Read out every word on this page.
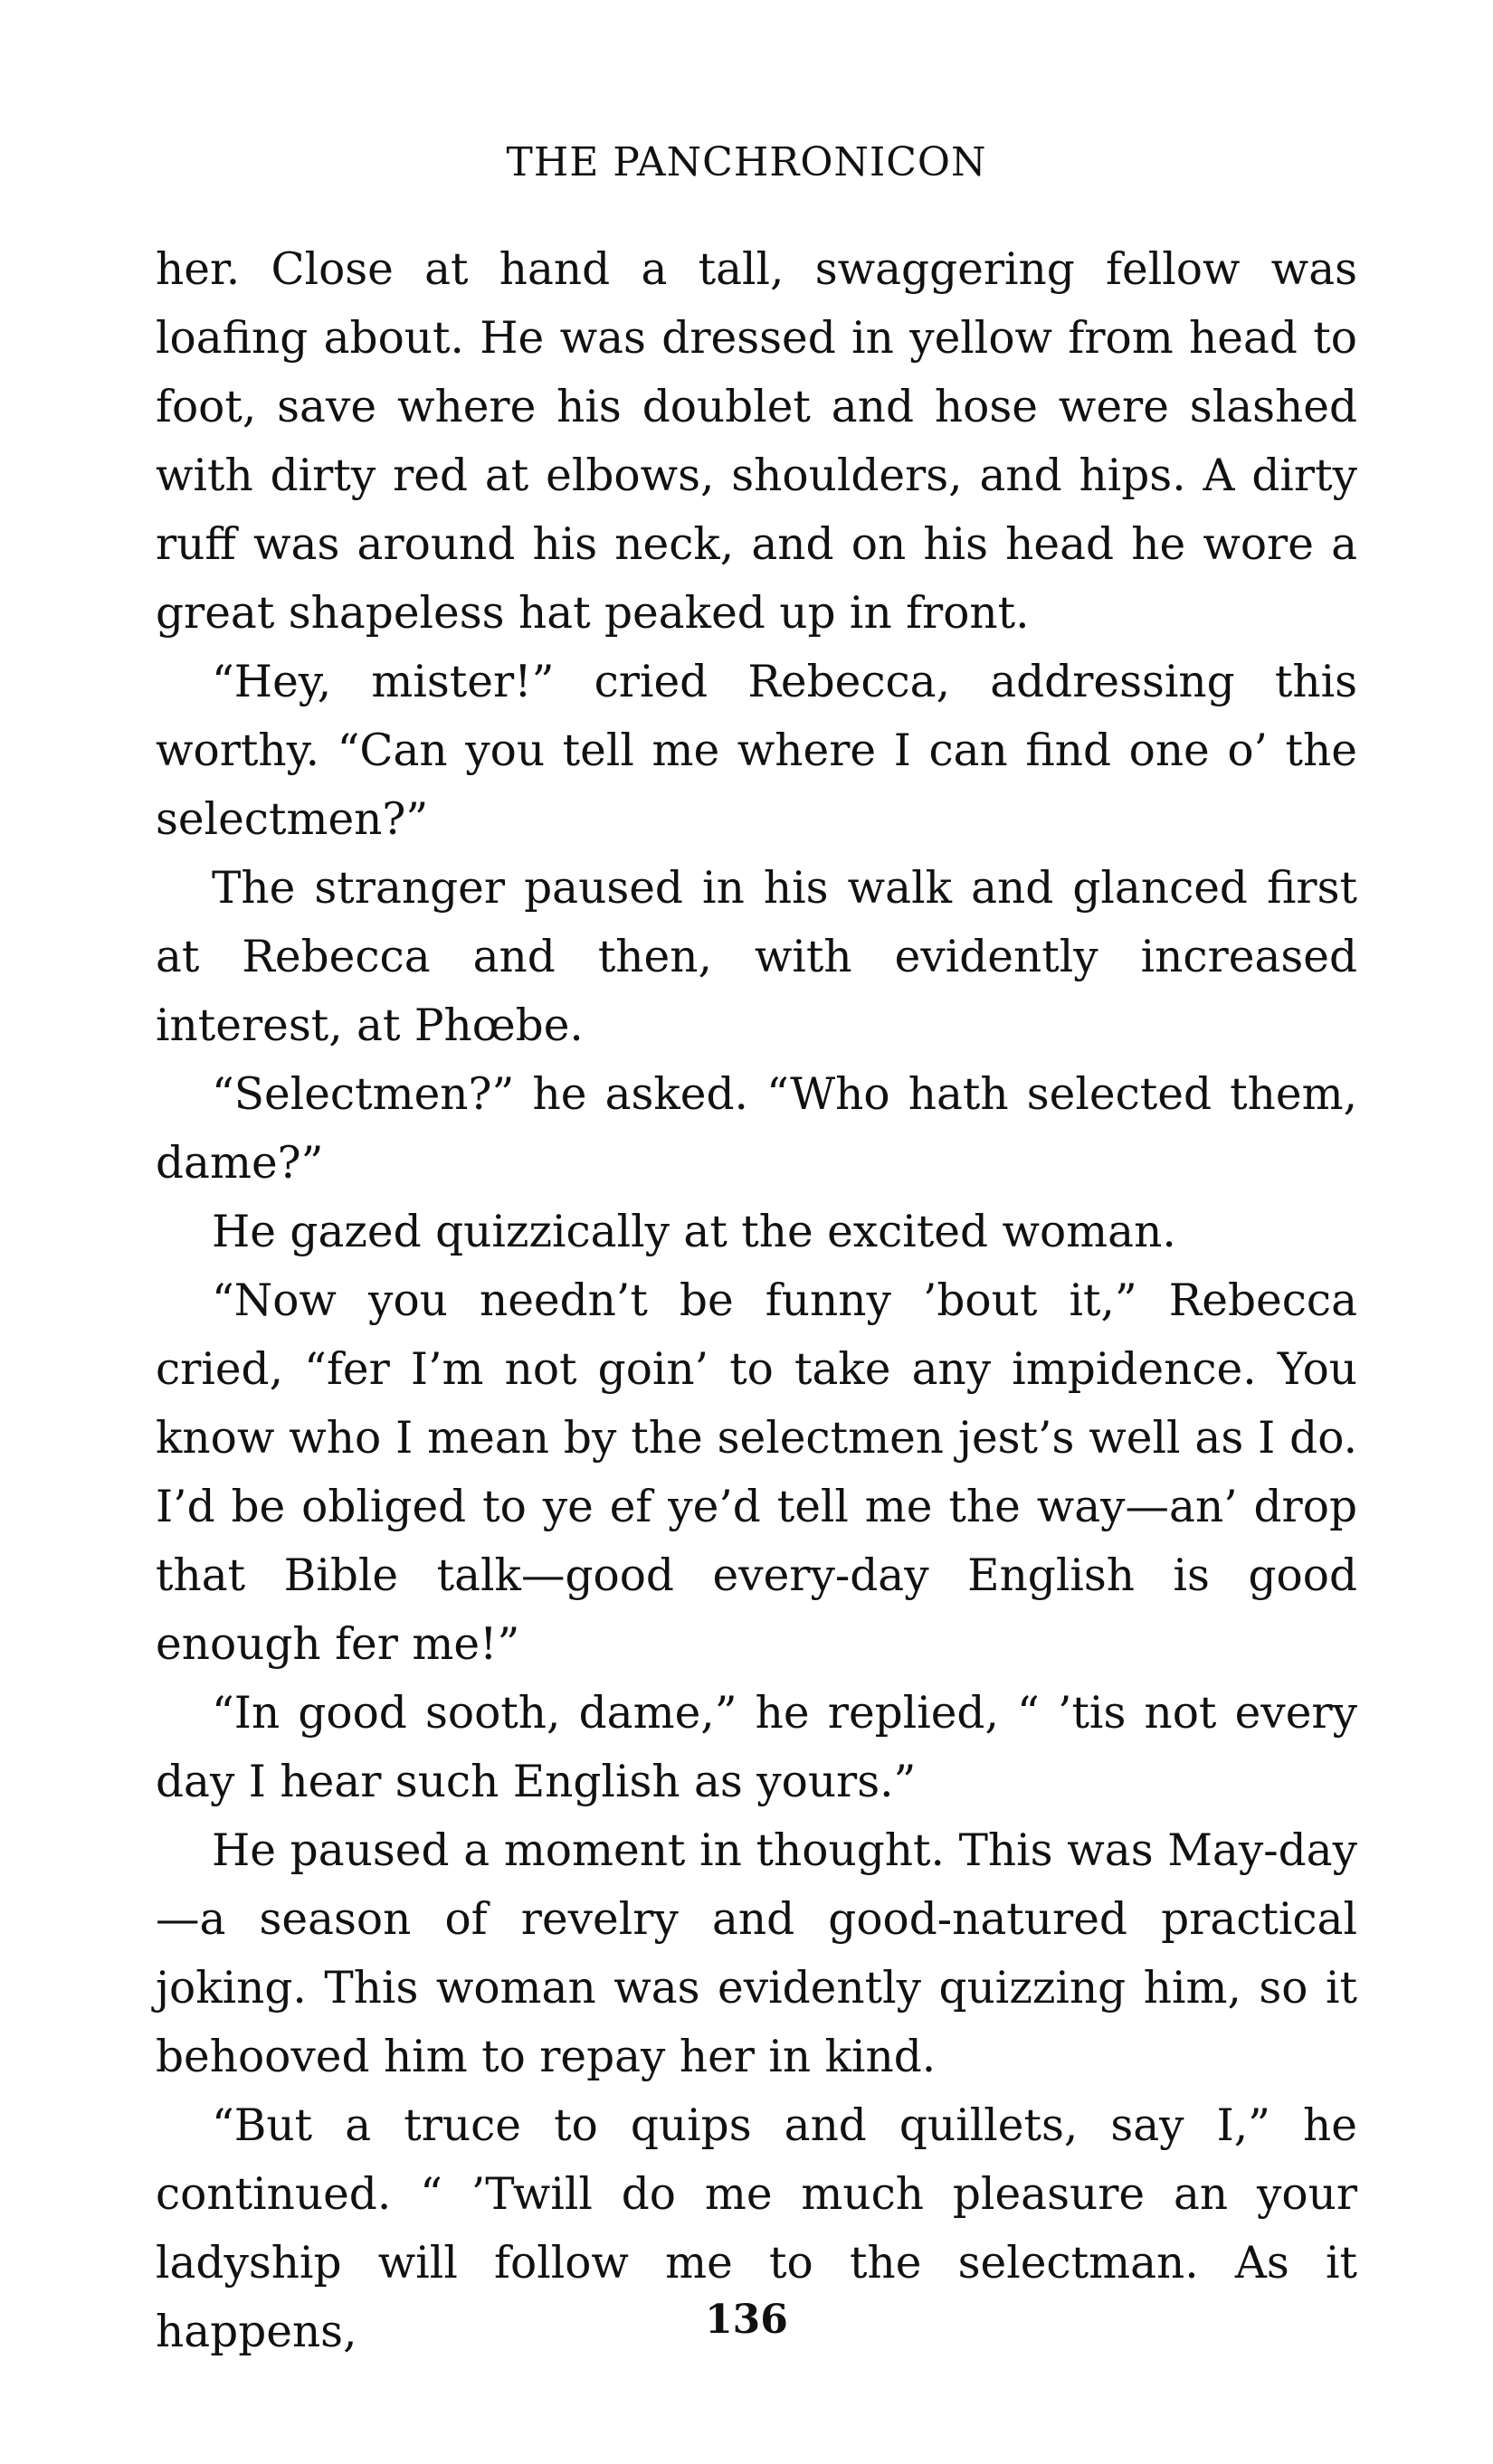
THE PANCHRONICON

her. Close at hand a tall, swaggering fellow was loafing about. He was dressed in yellow from head to foot, save where his doublet and hose were slashed with dirty red at elbows, shoulders, and hips. A dirty ruff was around his neck, and on his head he wore a great shapeless hat peaked up in front.

“Hey, mister!” cried Rebecca, addressing this worthy. “Can you tell me where I can find one o’ the selectmen?”

The stranger paused in his walk and glanced first at Rebecca and then, with evidently increased interest, at Phœbe.

“Selectmen?” he asked. “Who hath selected them, dame?”

He gazed quizzically at the excited woman.

“Now you needn’t be funny ’bout it,” Rebecca cried, “fer I’m not goin’ to take any impidence. You know who I mean by the selectmen jest’s well as I do. I’d be obliged to ye ef ye’d tell me the way—an’ drop that Bible talk—good every-day English is good enough fer me!”

“In good sooth, dame,” he replied, “ ’tis not every day I hear such English as yours.”

He paused a moment in thought. This was May-day—a season of revelry and good-natured practical joking. This woman was evidently quizzing him, so it behooved him to repay her in kind.

“But a truce to quips and quillets, say I,” he continued. “ ’Twill do me much pleasure an your ladyship will follow me to the selectman. As it happens,	136
